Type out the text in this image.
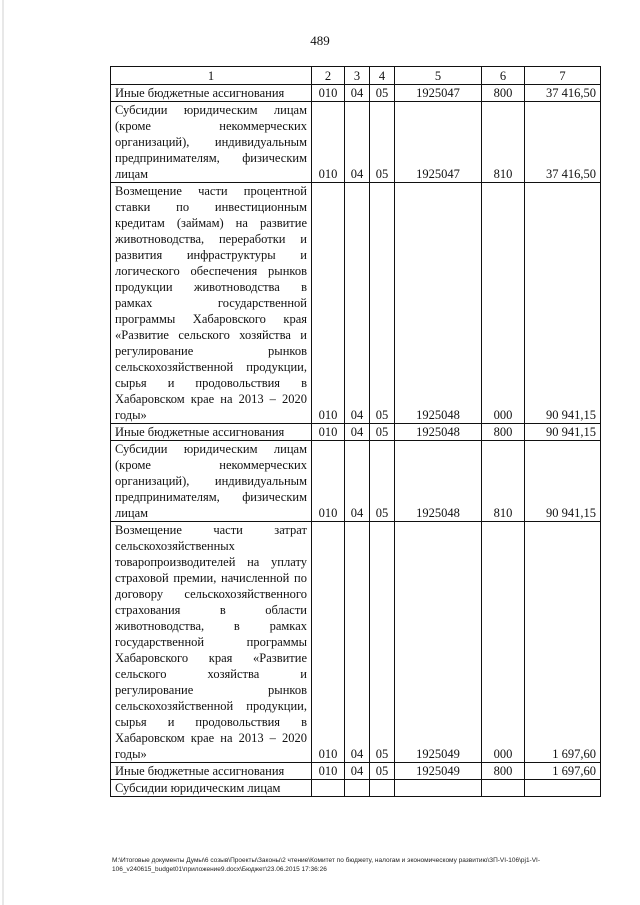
489
1	2	3	4	5	6	7
Иные бюджетные ассигнования	010	04	05	1925047	800	37 416,50
Субсидии юридическим лицам (кроме некоммерческих организаций), индивидуальным предпринимателям, физическим лицам	010	04	05	1925047	810	37 416,50
Возмещение части процентной ставки по инвестиционным кредитам (займам) на развитие животноводства, переработки и развития инфраструктуры и логического обеспечения рынков продукции животноводства в рамках государственной программы Хабаровского края «Развитие сельского хозяйства и регулирование рынков сельскохозяйственной продукции, сырья и продовольствия в Хабаровском крае на 2013 – 2020 годы»	010	04	05	1925048	000	90 941,15
Иные бюджетные ассигнования	010	04	05	1925048	800	90 941,15
Субсидии юридическим лицам (кроме некоммерческих организаций), индивидуальным предпринимателям, физическим лицам	010	04	05	1925048	810	90 941,15
Возмещение части затрат сельскохозяйственных товаропроизводителей на уплату страховой премии, начисленной по договору сельскохозяйственного страхования в области животноводства, в рамках государственной программы Хабаровского края «Развитие сельского хозяйства и регулирование рынков сельскохозяйственной продукции, сырья и продовольствия в Хабаровском крае на 2013 – 2020 годы»	010	04	05	1925049	000	1 697,60
Иные бюджетные ассигнования	010	04	05	1925049	800	1 697,60
Субсидии юридическим лицам						
M:\Итоговые документы Думы\6 созыв\Проекты\Законы\2 чтение\Комитет по бюджету, налогам и экономическому развитию\ЗП-VI-106\pj1-VI-106_v240615_budget01\приложение9.docx\Бюджет\23.06.2015 17:36:26
